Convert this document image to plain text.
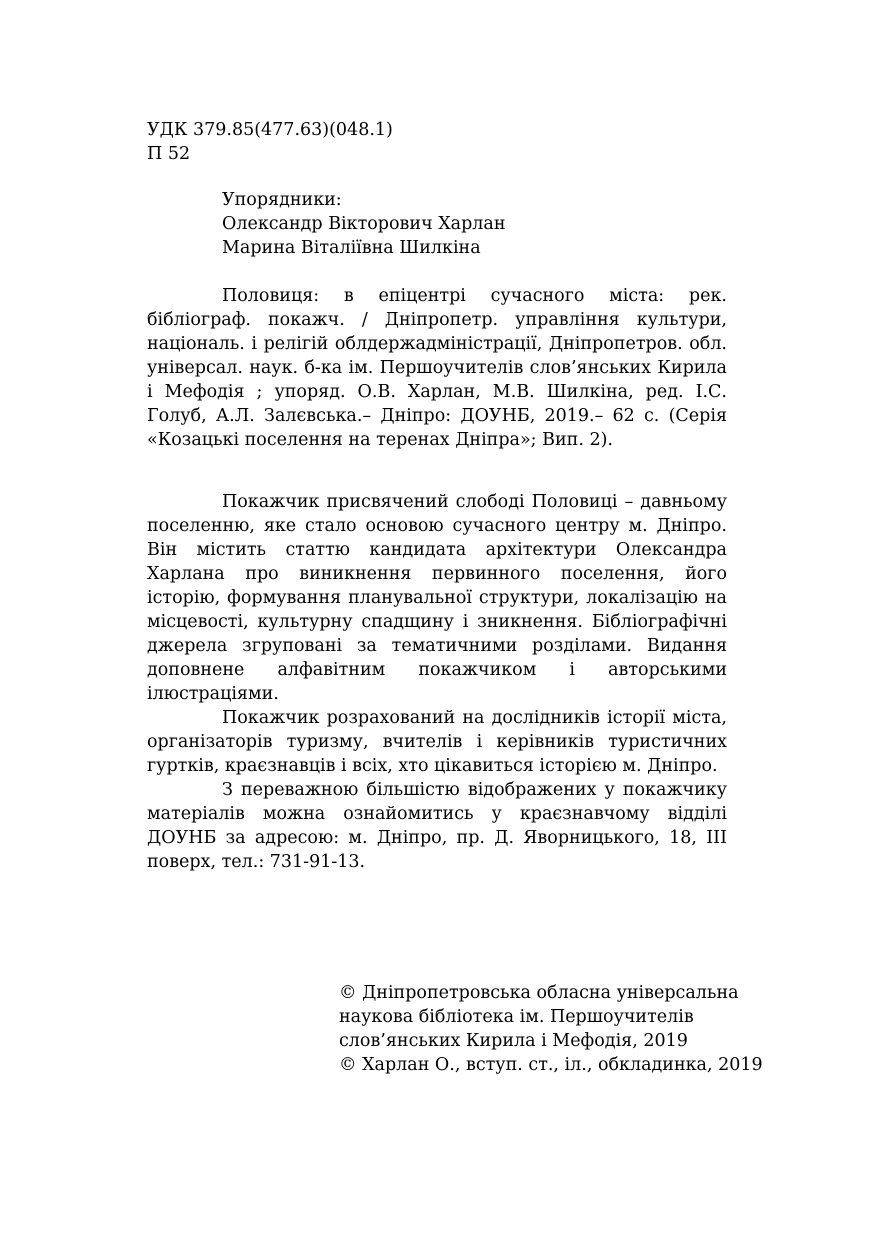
УДК 379.85(477.63)(048.1)
П 52
Упорядники:
Олександр Вікторович Харлан
Марина Віталіївна Шилкіна

Половиця: в епіцентрі сучасного міста: рек. бібліограф. покажч. / Дніпропетр. управління культури, національ. і релігій облдержадміністрації, Дніпропетров. обл. універсал. наук. б-ка ім. Першоучителів слов’янських Кирила і Мефодія ; упоряд. О.В. Харлан, М.В. Шилкіна, ред. І.С. Голуб, А.Л. Залєвська.– Дніпро: ДОУНБ, 2019.– 62 с. (Серія «Козацькі поселення на теренах Дніпра»; Вип. 2).

Покажчик присвячений слободі Половиці – давньому поселенню, яке стало основою сучасного центру м. Дніпро. Він містить статтю кандидата архітектури Олександра Харлана про виникнення первинного поселення, його історію, формування планувальної структури, локалізацію на місцевості, культурну спадщину і зникнення. Бібліографічні джерела згруповані за тематичними розділами. Видання доповнене алфавітним покажчиком і авторськими ілюстраціями.

Покажчик розрахований на дослідників історії міста, організаторів туризму, вчителів і керівників туристичних гуртків, краєзнавців і всіх, хто цікавиться історією м. Дніпро.

З переважною більшістю відображених у покажчику матеріалів можна ознайомитись у краєзнавчому відділі ДОУНБ за адресою: м. Дніпро, пр. Д. Яворницького, 18, ІІІ поверх, тел.: 731-91-13.

© Дніпропетровська обласна універсальна
наукова бібліотека ім. Першоучителів
слов’янських Кирила і Мефодія, 2019
© Харлан О., вступ. ст., іл., обкладинка, 2019
